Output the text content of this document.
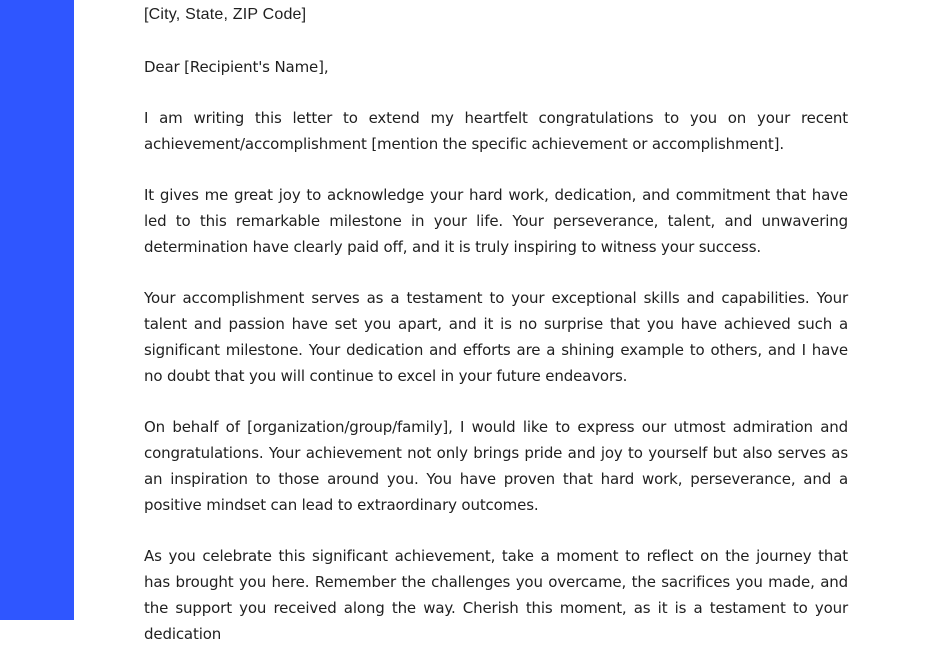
[City, State, ZIP Code]
Dear [Recipient's Name],

I am writing this letter to extend my heartfelt congratulations to you on your recent achievement/accomplishment [mention the specific achievement or accomplishment].

It gives me great joy to acknowledge your hard work, dedication, and commitment that have led to this remarkable milestone in your life. Your perseverance, talent, and unwavering determination have clearly paid off, and it is truly inspiring to witness your success.

Your accomplishment serves as a testament to your exceptional skills and capabilities. Your talent and passion have set you apart, and it is no surprise that you have achieved such a significant milestone. Your dedication and efforts are a shining example to others, and I have no doubt that you will continue to excel in your future endeavors.

On behalf of [organization/group/family], I would like to express our utmost admiration and congratulations. Your achievement not only brings pride and joy to yourself but also serves as an inspiration to those around you. You have proven that hard work, perseverance, and a positive mindset can lead to extraordinary outcomes.

As you celebrate this significant achievement, take a moment to reflect on the journey that has brought you here. Remember the challenges you overcame, the sacrifices you made, and the support you received along the way. Cherish this moment, as it is a testament to your dedication
